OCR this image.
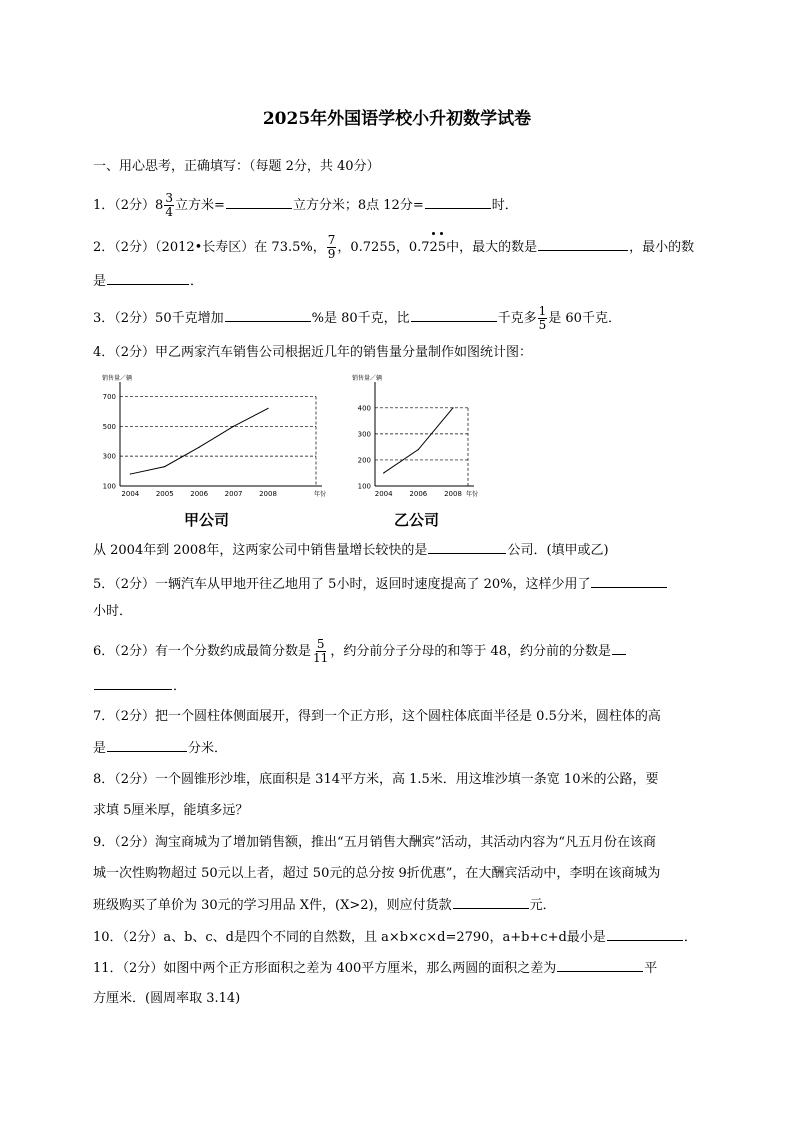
2025年外国语学校小升初数学试卷
一、用心思考，正确填写：（每题 2分，共 40分）
1．（2分）$8 \frac{3}{4}$ 立方米=	立方分米；8点 12分=	时．
2．（2分）（2012•长寿区）在 73.5%， $\frac{7}{9}$ ，0.7255，0.725中，最大的数是	，最小的数
是	．
3．（2分）50千克增加	%是 80千克，比	千克多 $\frac{1}{5}$ 是 60千克．
4．（2分）甲乙两家汽车销售公司根据近几年的销售量分量制作如图统计图：
销售量／辆
100
300
500
700
2004 2005 2006 2007 2008	年份
甲公司
销售量／辆
100
200
300
400
2004 2006 2008 年份
乙公司
从 2004年到 2008年，这两家公司中销售量增长较快的是	公司．(填甲或乙)
5．（2分）一辆汽车从甲地开往乙地用了 5小时，返回时速度提高了 20%，这样少用了
小时．
6．（2分）有一个分数约成最简分数是 $\frac{5}{11}$ ，约分前分子分母的和等于 48，约分前的分数是
．
7．（2分）把一个圆柱体侧面展开，得到一个正方形，这个圆柱体底面半径是 0.5分米，圆柱体的高
是	分米．
8．（2分）一个圆锥形沙堆，底面积是 314平方米，高 1.5米．用这堆沙填一条宽 10米的公路，要
求填 5厘米厚，能填多远？
9．（2分）淘宝商城为了增加销售额，推出“五月销售大酬宾”活动，其活动内容为“凡五月份在该商
城一次性购物超过 50元以上者，超过 50元的总分按 9折优惠”，在大酬宾活动中，李明在该商城为
班级购买了单价为 30元的学习用品 X件，(X>2)，则应付货款	元．
10．（2分）a、b、c、d是四个不同的自然数，且 a×b×c×d=2790，a+b+c+d最小是	．
11．（2分）如图中两个正方形面积之差为 400平方厘米，那么两圆的面积之差为	平
方厘米．(圆周率取 3.14)
